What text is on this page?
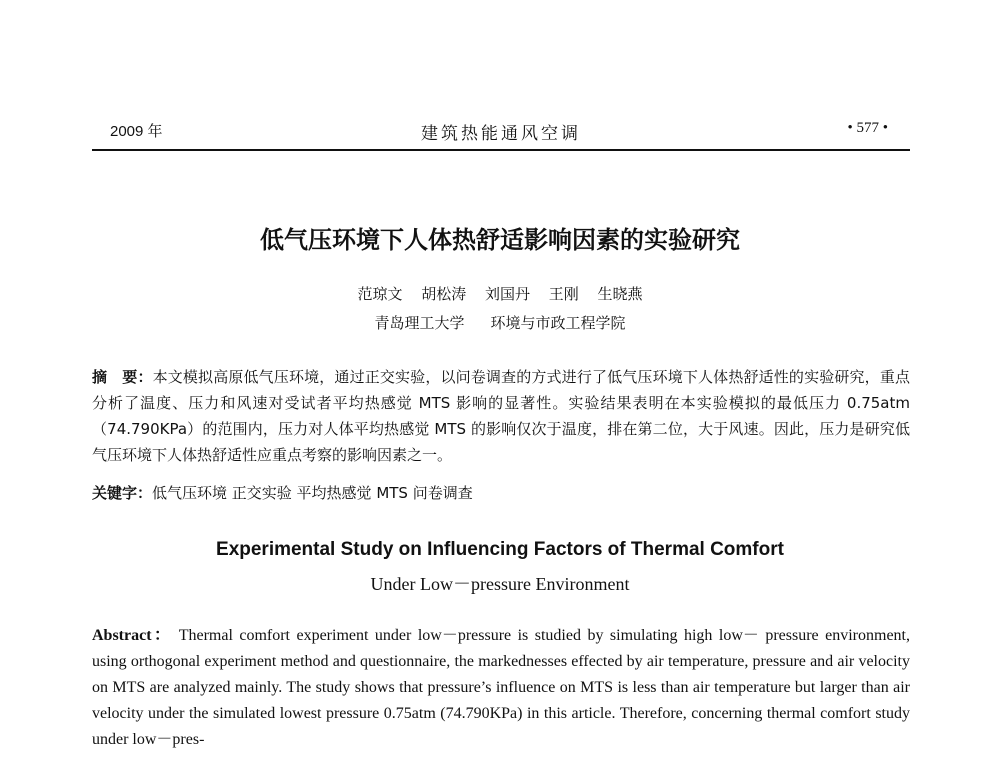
2009 年	建筑热能通风空调	• 577 •
低气压环境下人体热舒适影响因素的实验研究
范琼文 胡松涛 刘国丹 王刚 生晓燕
青岛理工大学 环境与市政工程学院
摘　要：本文模拟高原低气压环境，通过正交实验，以问卷调查的方式进行了低气压环境下人体热舒适性的实验研究，重点分析了温度、压力和风速对受试者平均热感觉 MTS 影响的显著性。实验结果表明在本实验模拟的最低压力 0.75atm（74.790KPa）的范围内，压力对人体平均热感觉 MTS 的影响仅次于温度，排在第二位，大于风速。因此，压力是研究低气压环境下人体热舒适性应重点考察的影响因素之一。
关键字：低气压环境 正交实验 平均热感觉 MTS 问卷调查
Experimental Study on Influencing Factors of Thermal Comfort
Under Low－pressure Environment
Abstract： Thermal comfort experiment under low－pressure is studied by simulating high low－ pressure environment, using orthogonal experiment method and questionnaire, the markednesses effected by air temperature, pressure and air velocity on MTS are analyzed mainly. The study shows that pressure’s influence on MTS is less than air temperature but larger than air velocity under the simulated lowest pressure 0.75atm (74.790KPa) in this article. Therefore, concerning thermal comfort study under low－pres-
